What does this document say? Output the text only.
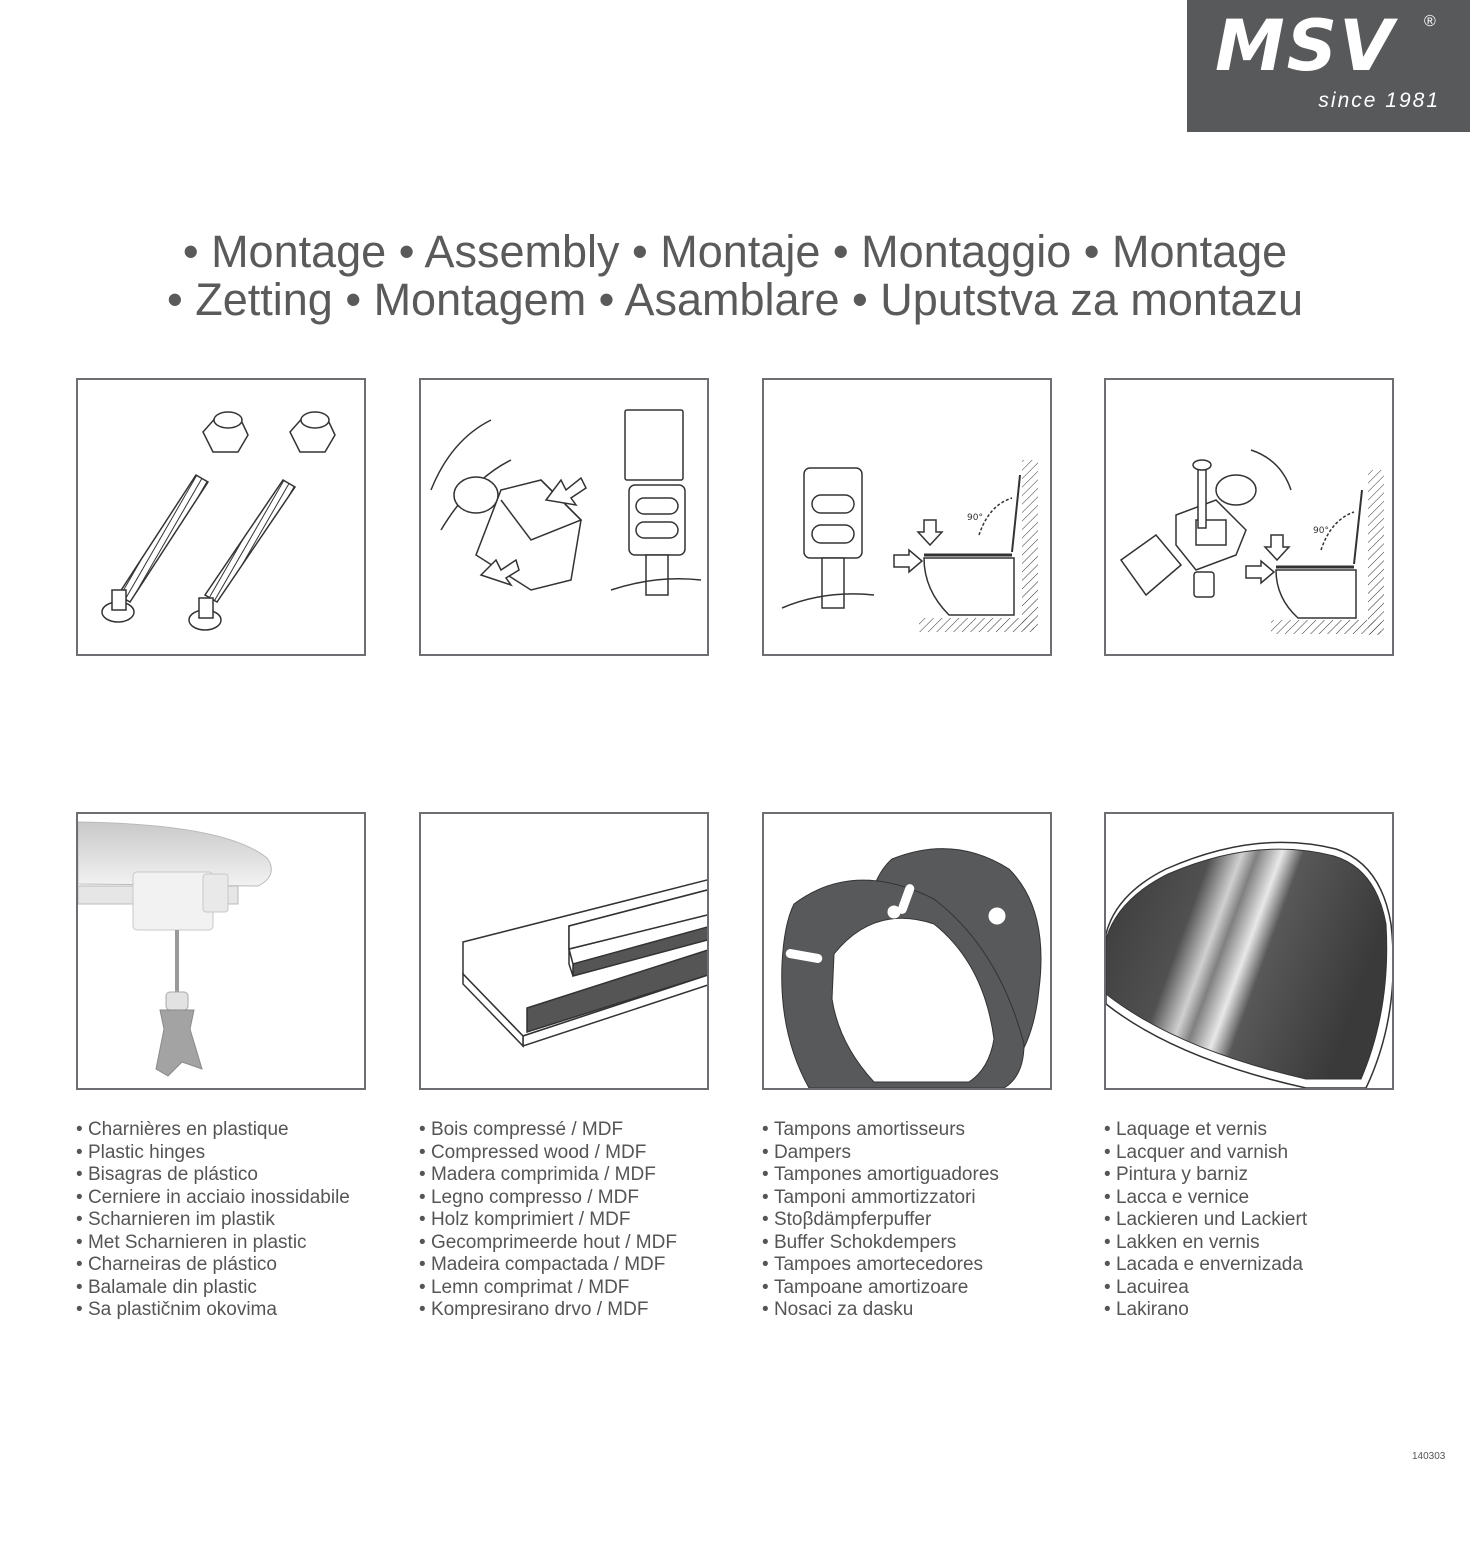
MSV ®
since 1981
• Montage • Assembly • Montaje • Montaggio • Montage
• Zetting • Montagem • Asamblare • Uputstva za montazu
90°
90°
• Charnières en plastique
• Plastic hinges
• Bisagras de plástico
• Cerniere in acciaio inossidabile
• Scharnieren im plastik
• Met Scharnieren in plastic
• Charneiras de plástico
• Balamale din plastic
• Sa plastičnim okovima
• Bois compressé / MDF
• Compressed wood / MDF
• Madera comprimida / MDF
• Legno compresso / MDF
• Holz komprimiert / MDF
• Gecomprimeerde hout / MDF
• Madeira compactada / MDF
• Lemn comprimat / MDF
• Kompresirano drvo / MDF
• Tampons amortisseurs
• Dampers
• Tampones amortiguadores
• Tamponi ammortizzatori
• Stoβdämpferpuffer
• Buffer Schokdempers
• Tampoes amortecedores
• Tampoane amortizoare
• Nosaci za dasku
• Laquage et vernis
• Lacquer and varnish
• Pintura y barniz
• Lacca e vernice
• Lackieren und Lackiert
• Lakken en vernis
• Lacada e envernizada
• Lacuirea
• Lakirano
140303
